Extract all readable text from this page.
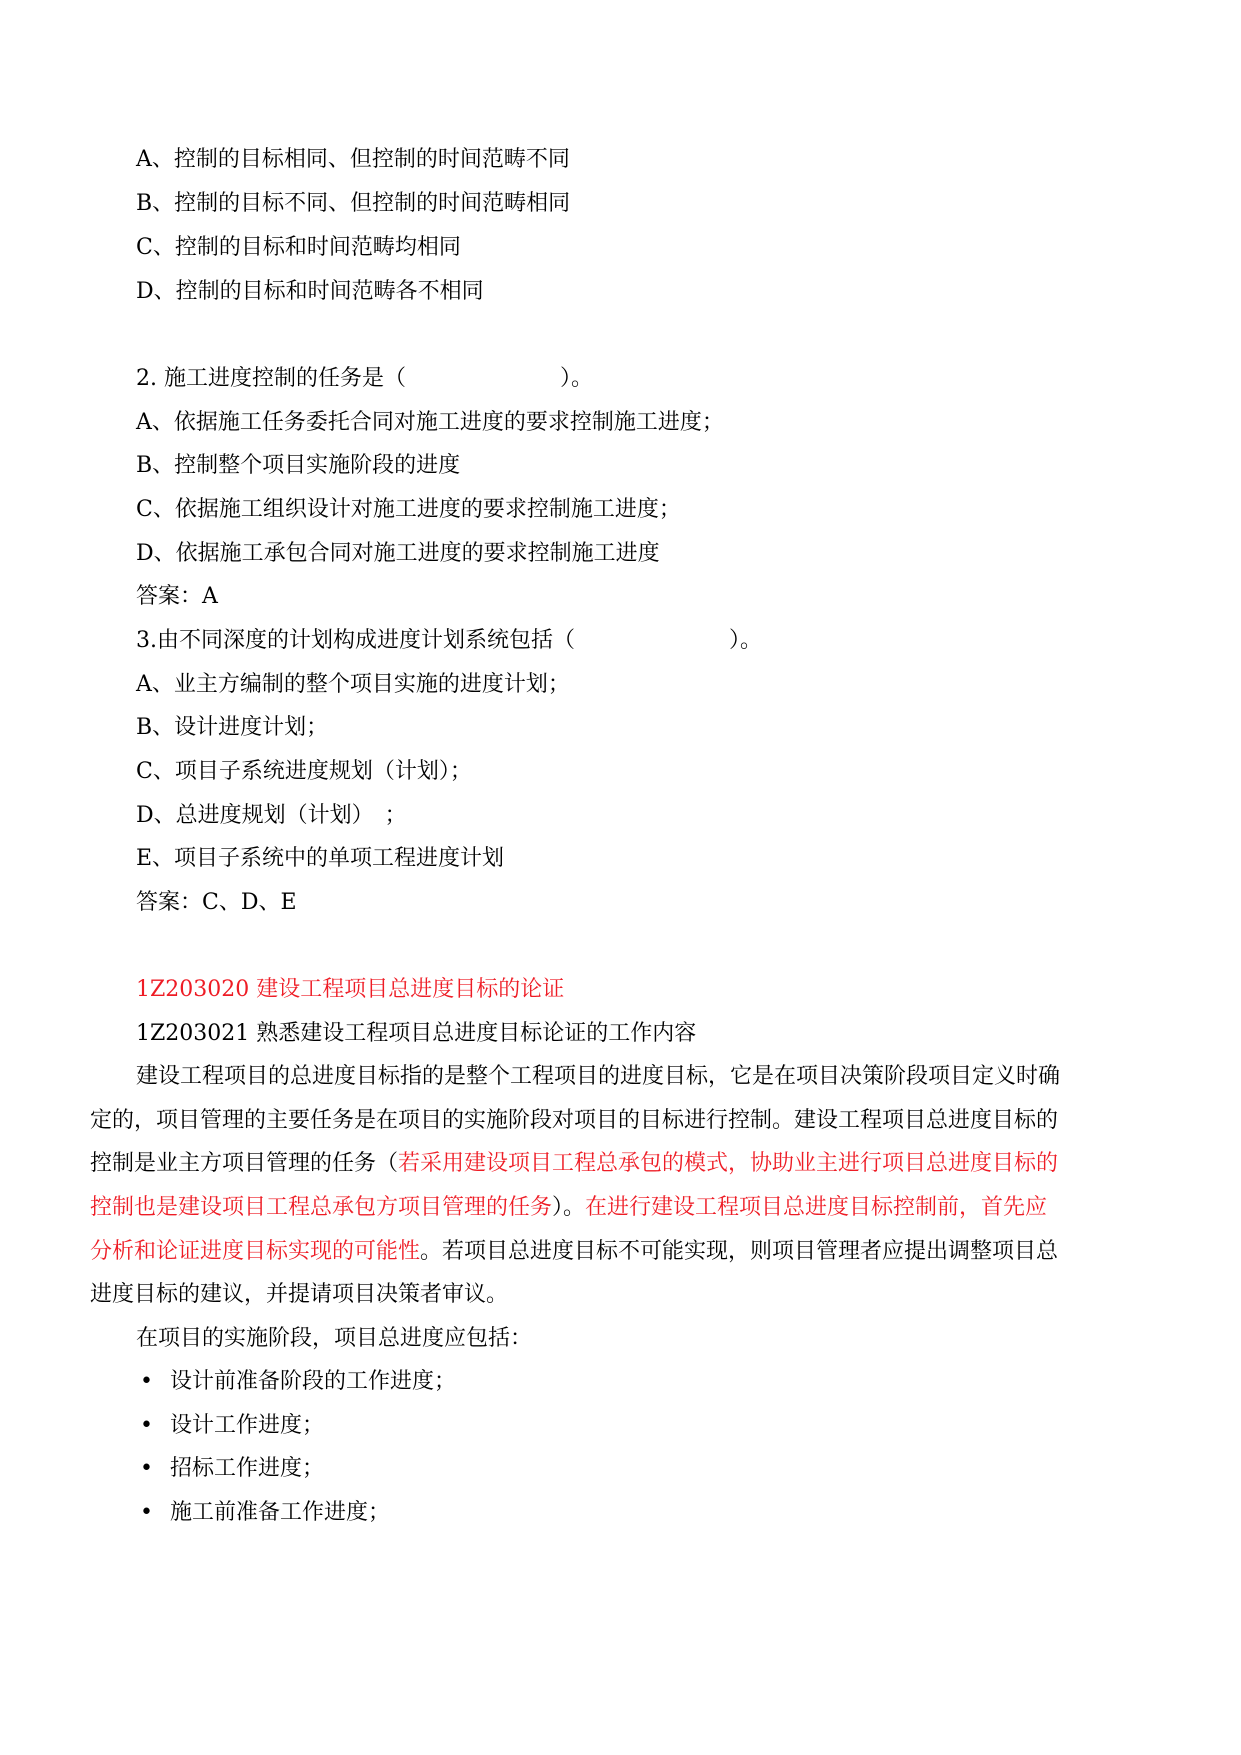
A、控制的目标相同、但控制的时间范畴不同
B、控制的目标不同、但控制的时间范畴相同
C、控制的目标和时间范畴均相同
D、控制的目标和时间范畴各不相同
2. 施工进度控制的任务是（　　　　　　　）。
A、依据施工任务委托合同对施工进度的要求控制施工进度；
B、控制整个项目实施阶段的进度
C、依据施工组织设计对施工进度的要求控制施工进度；
D、依据施工承包合同对施工进度的要求控制施工进度
答案：A
3.由不同深度的计划构成进度计划系统包括（　　　　　　　）。
A、业主方编制的整个项目实施的进度计划；
B、设计进度计划；
C、项目子系统进度规划（计划）；
D、总进度规划（计划）　；
E、项目子系统中的单项工程进度计划
答案：C、D、E
1Z203020 建设工程项目总进度目标的论证
1Z203021 熟悉建设工程项目总进度目标论证的工作内容
建设工程项目的总进度目标指的是整个工程项目的进度目标，它是在项目决策阶段项目定义时确
定的，项目管理的主要任务是在项目的实施阶段对项目的目标进行控制。建设工程项目总进度目标的
控制是业主方项目管理的任务（若采用建设项目工程总承包的模式，协助业主进行项目总进度目标的
控制也是建设项目工程总承包方项目管理的任务）。在进行建设工程项目总进度目标控制前，首先应
分析和论证进度目标实现的可能性。若项目总进度目标不可能实现，则项目管理者应提出调整项目总
进度目标的建议，并提请项目决策者审议。
在项目的实施阶段，项目总进度应包括：
• 设计前准备阶段的工作进度；
• 设计工作进度；
• 招标工作进度；
• 施工前准备工作进度；
